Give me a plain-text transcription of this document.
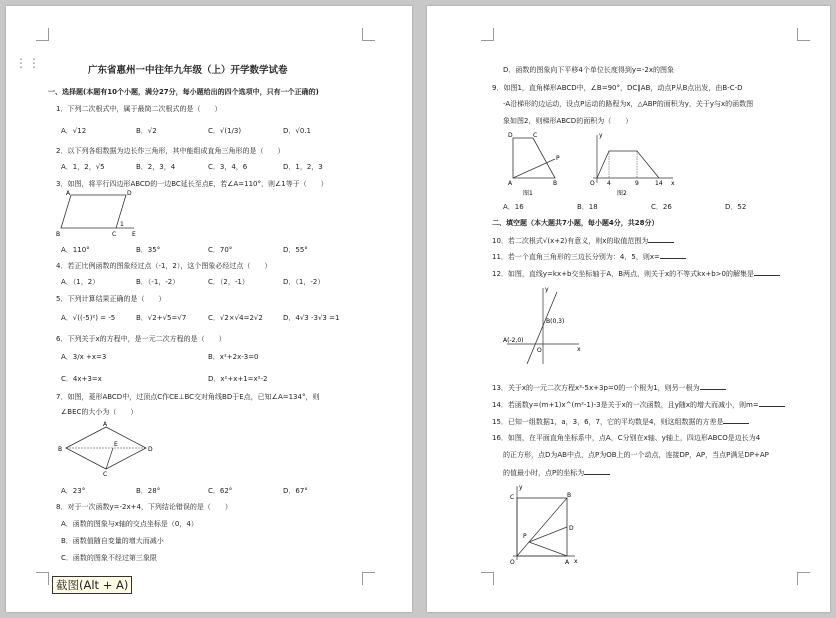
广东省惠州一中往年九年级（上）开学数学试卷
一、选择题(本题有10个小题，满分27分，每小题给出的四个选项中，只有一个正确的)
1．下列二次根式中，属于最简二次根式的是（　　）
A．√12	B．√2	C．√(1/3)	D．√0.1
2．以下列各组数据为边长作三角形，其中能组成直角三角形的是（　　）
A．1，2，√5	B．2，3，4	C．3，4，6	D．1，2，3
3．如图，将平行四边形ABCD的一边BC延长至点E，若∠A=110°，则∠1等于（　　）
A	D
B	C	E
1
A．110°	B．35°	C．70°	D．55°
4．若正比例函数的图象经过点（-1，2），这个图象必经过点（　　）
A．（1，2）	B．（-1，-2）	C．（2，-1）	D．（1，-2）
5．下列计算结果正确的是（　　）
A．√((-5)²) = -5	B．√2+√5=√7	C．√2×√4=2√2	D．4√3 -3√3 =1
6．下列关于x的方程中，是一元二次方程的是（　　）
A．3/x +x=3	B．x²+2x-3=0
C．4x+3=x	D．x²+x+1=x²-2
7．如图，菱形ABCD中，过顶点C作CE⊥BC交对角线BD于E点，已知∠A=134°，则
∠BEC的大小为（　　）
A
B	D
E
C
A．23°	B．28°	C．62°	D．67°
8．对于一次函数y=-2x+4，下列结论错误的是（　　）
A．函数的图象与x轴的交点坐标是（0，4）
B．函数值随自变量的增大而减小
C．函数的图象不经过第三象限
D．函数的图象向下平移4个单位长度得到y=-2x的图象
9．如图1，直角梯形ABCD中，∠B=90°，DC∥AB，动点P从B点出发，由B-C-D
-A沿梯形的边运动，设点P运动的路程为x，△ABP的面积为y，关于y与x的函数图
象如图2，则梯形ABCD的面积为（　　）
D	C
P
A	B
图1
y
x
O 4	9	14
图2
A．16	B．18	C．26	D．52
二、填空题（本大题共7小题，每小题4分，共28分）
10．若二次根式√(x+2)有意义，则x的取值范围为
11．若一个直角三角形的三边长分别为：4，5，则x=
12．如图，直线y=kx+b交坐标轴于A，B两点，则关于x的不等式kx+b>0的解集是
y
x
O
B(0,3)
A(-2,0)
13．关于x的一元二次方程x²-5x+3p=0的一个根为1，则另一根为
14．若函数y=(m+1)x^(m²-1)-3是关于x的一次函数，且y随x的增大而减小，则m=
15．已知一组数据1，a，3，6，7，它的平均数是4，则这组数据的方差是
16．如图，在平面直角坐标系中，点A，C分别在x轴、y轴上，四边形ABCO是边长为4
的正方形，点D为AB中点，点P为OB上的一个动点，连接DP，AP，当点P满足DP+AP
的值最小时，点P的坐标为
y
x
O	A
B
C
D
P
⋮⋮
截图(Alt + A)
